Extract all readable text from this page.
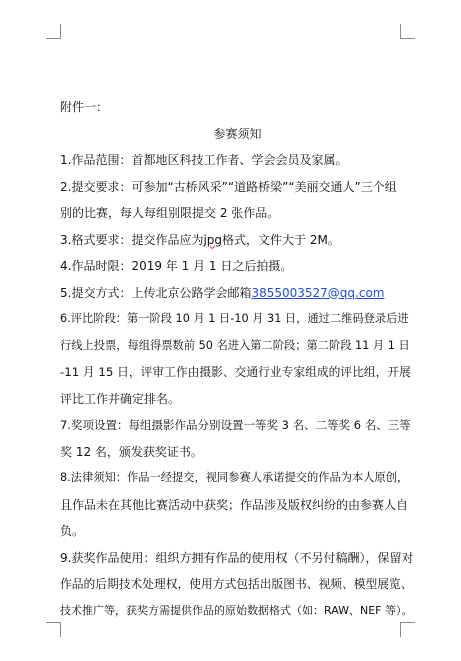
附件一：
参赛须知
1.作品范围：首都地区科技工作者、学会会员及家属。
2.提交要求：可参加“古桥风采”“道路桥梁”“美丽交通人”三个组
别的比赛，每人每组别限提交 2 张作品。
3.格式要求：提交作品应为jpg格式，文件大于 2M。
4.作品时限：2019 年 1 月 1 日之后拍摄。
5.提交方式：上传北京公路学会邮箱3855003527@qq.com
6.评比阶段：第一阶段 10 月 1 日-10 月 31 日，通过二维码登录后进
行线上投票，每组得票数前 50 名进入第二阶段；第二阶段 11 月 1 日
-11 月 15 日，评审工作由摄影、交通行业专家组成的评比组，开展
评比工作并确定排名。
7.奖项设置：每组摄影作品分别设置一等奖 3 名、二等奖 6 名、三等
奖 12 名，颁发获奖证书。
8.法律须知：作品一经提交，视同参赛人承诺提交的作品为本人原创，
且作品未在其他比赛活动中获奖；作品涉及版权纠纷的由参赛人自
负。
9.获奖作品使用：组织方拥有作品的使用权（不另付稿酬），保留对
作品的后期技术处理权，使用方式包括出版图书、视频、模型展览、
技术推广等，获奖方需提供作品的原始数据格式（如：RAW、NEF 等）。
